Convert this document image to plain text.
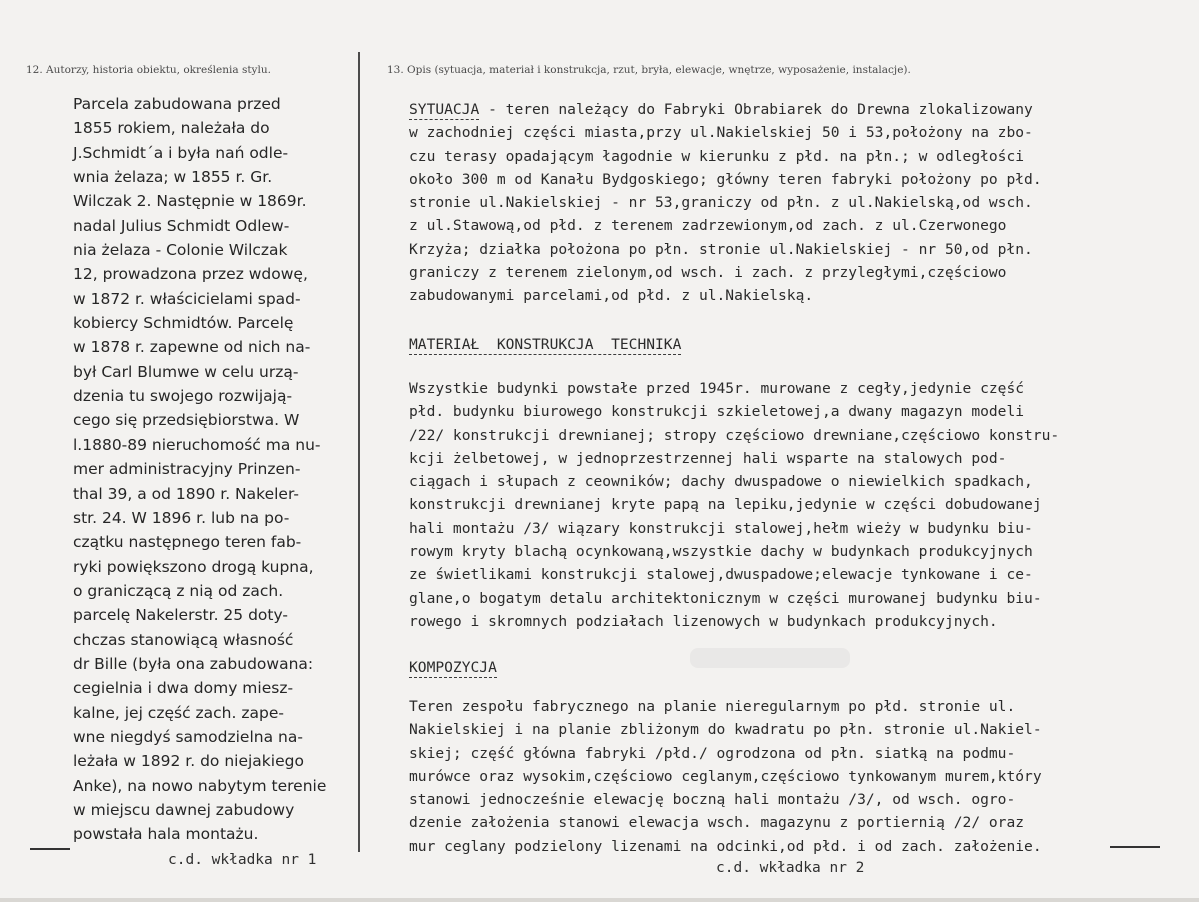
12. Autorzy, historia obiektu, określenia stylu.	13. Opis (sytuacja, materiał i konstrukcja, rzut, bryła, elewacje, wnętrze, wyposażenie, instalacje).
Parcela zabudowana przed
1855 rokiem, należała do
J.Schmidt´a i była nań odle-
wnia żelaza; w 1855 r. Gr.
Wilczak 2. Następnie w 1869r.
nadal Julius Schmidt Odlew-
nia żelaza - Colonie Wilczak
12, prowadzona przez wdowę,
w 1872 r. właścicielami spad-
kobiercy Schmidtów. Parcelę
w 1878 r. zapewne od nich na-
był Carl Blumwe w celu urzą-
dzenia tu swojego rozwijają-
cego się przedsiębiorstwa. W
l.1880-89 nieruchomość ma nu-
mer administracyjny Prinzen-
thal 39, a od 1890 r. Nakeler-
str. 24. W 1896 r. lub na po-
czątku następnego teren fab-
ryki powiększono drogą kupna,
o graniczącą z nią od zach.
parcelę Nakelerstr. 25 doty-
chczas stanowiącą własność
dr Bille (była ona zabudowana:
cegielnia i dwa domy miesz-
kalne, jej część zach. zape-
wne niegdyś samodzielna na-
leżała w 1892 r. do niejakiego
Anke), na nowo nabytym terenie
w miejscu dawnej zabudowy
powstała hala montażu.
c.d. wkładka nr 1
SYTUACJA - teren należący do Fabryki Obrabiarek do Drewna zlokalizowany
w zachodniej części miasta,przy ul.Nakielskiej 50 i 53,położony na zbo-
czu terasy opadającym łagodnie w kierunku z płd. na płn.; w odległości
około 300 m od Kanału Bydgoskiego; główny teren fabryki położony po płd.
stronie ul.Nakielskiej - nr 53,graniczy od płn. z ul.Nakielską,od wsch.
z ul.Stawową,od płd. z terenem zadrzewionym,od zach. z ul.Czerwonego
Krzyża; działka położona po płn. stronie ul.Nakielskiej - nr 50,od płn.
graniczy z terenem zielonym,od wsch. i zach. z przyległymi,częściowo
zabudowanymi parcelami,od płd. z ul.Nakielską.
MATERIAŁ  KONSTRUKCJA  TECHNIKA
Wszystkie budynki powstałe przed 1945r. murowane z cegły,jedynie część
płd. budynku biurowego konstrukcji szkieletowej,a dwany magazyn modeli
/22/ konstrukcji drewnianej; stropy częściowo drewniane,częściowo konstru-
kcji żelbetowej, w jednoprzestrzennej hali wsparte na stalowych pod-
ciągach i słupach z ceowników; dachy dwuspadowe o niewielkich spadkach,
konstrukcji drewnianej kryte papą na lepiku,jedynie w części dobudowanej
hali montażu /3/ wiązary konstrukcji stalowej,hełm wieży w budynku biu-
rowym kryty blachą ocynkowaną,wszystkie dachy w budynkach produkcyjnych
ze świetlikami konstrukcji stalowej,dwuspadowe;elewacje tynkowane i ce-
glane,o bogatym detalu architektonicznym w części murowanej budynku biu-
rowego i skromnych podziałach lizenowych w budynkach produkcyjnych.
KOMPOZYCJA
Teren zespołu fabrycznego na planie nieregularnym po płd. stronie ul.
Nakielskiej i na planie zbliżonym do kwadratu po płn. stronie ul.Nakiel-
skiej; część główna fabryki /płd./ ogrodzona od płn. siatką na podmu-
murówce oraz wysokim,częściowo ceglanym,częściowo tynkowanym murem,który
stanowi jednocześnie elewację boczną hali montażu /3/, od wsch. ogro-
dzenie założenia stanowi elewacja wsch. magazynu z portiernią /2/ oraz
mur ceglany podzielony lizenami na odcinki,od płd. i od zach. założenie.
c.d. wkładka nr 2
